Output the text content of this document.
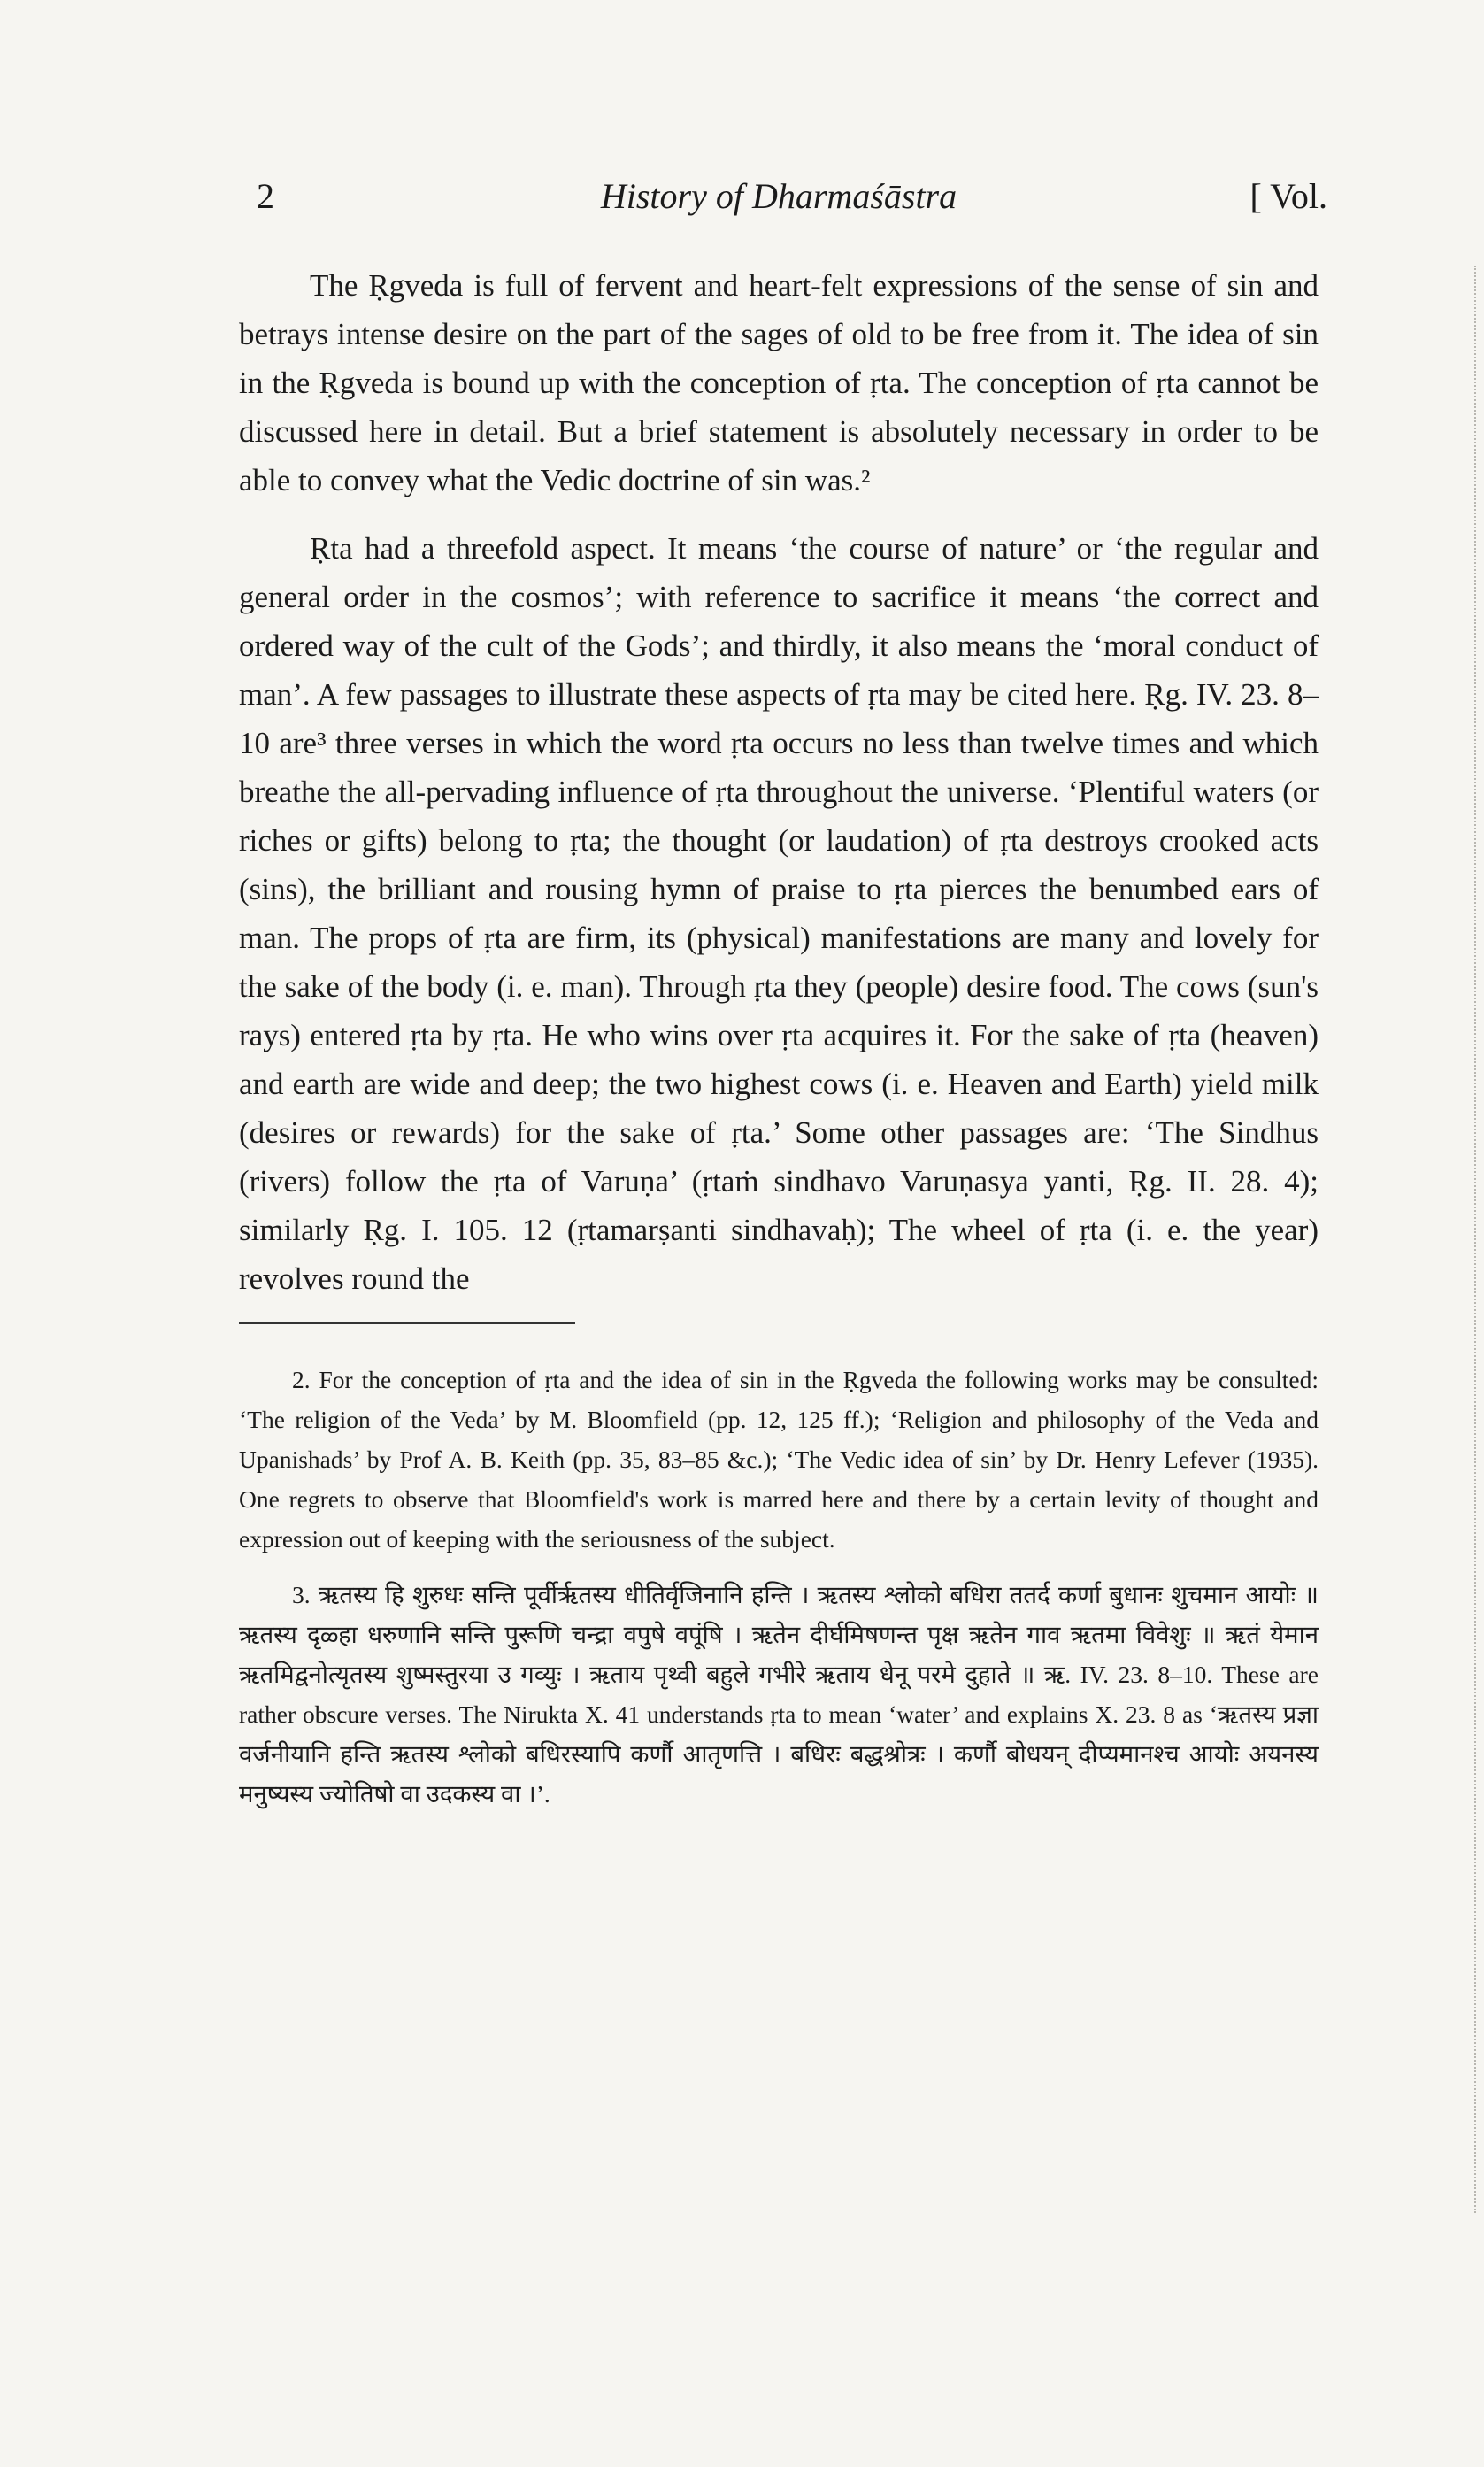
2	History of Dharmaśāstra	[ Vol.

The Ṛgveda is full of fervent and heart-felt expressions of the sense of sin and betrays intense desire on the part of the sages of old to be free from it. The idea of sin in the Ṛgveda is bound up with the conception of ṛta. The conception of ṛta cannot be discussed here in detail. But a brief statement is absolutely necessary in order to be able to convey what the Vedic doctrine of sin was.²

Ṛta had a threefold aspect. It means ‘the course of nature’ or ‘the regular and general order in the cosmos’; with reference to sacrifice it means ‘the correct and ordered way of the cult of the Gods’; and thirdly, it also means the ‘moral conduct of man’. A few passages to illustrate these aspects of ṛta may be cited here. Ṛg. IV. 23. 8–10 are³ three verses in which the word ṛta occurs no less than twelve times and which breathe the all-pervading influence of ṛta throughout the universe. ‘Plentiful waters (or riches or gifts) belong to ṛta; the thought (or laudation) of ṛta destroys crooked acts (sins), the brilliant and rousing hymn of praise to ṛta pierces the benumbed ears of man. The props of ṛta are firm, its (physical) manifestations are many and lovely for the sake of the body (i. e. man). Through ṛta they (people) desire food. The cows (sun's rays) entered ṛta by ṛta. He who wins over ṛta acquires it. For the sake of ṛta (heaven) and earth are wide and deep; the two highest cows (i. e. Heaven and Earth) yield milk (desires or rewards) for the sake of ṛta.’ Some other passages are: ‘The Sindhus (rivers) follow the ṛta of Varuṇa’ (ṛtaṁ sindhavo Varuṇasya yanti, Ṛg. II. 28. 4); similarly Ṛg. I. 105. 12 (ṛtamarṣanti sindhavaḥ); The wheel of ṛta (i. e. the year) revolves round the

2. For the conception of ṛta and the idea of sin in the Ṛgveda the following works may be consulted: ‘The religion of the Veda’ by M. Bloomfield (pp. 12, 125 ff.); ‘Religion and philosophy of the Veda and Upanishads’ by Prof A. B. Keith (pp. 35, 83–85 &c.); ‘The Vedic idea of sin’ by Dr. Henry Lefever (1935). One regrets to observe that Bloomfield's work is marred here and there by a certain levity of thought and expression out of keeping with the seriousness of the subject.

3. ऋतस्य हि शुरुधः सन्ति पूर्वीर्ऋतस्य धीतिर्वृजिनानि हन्ति । ऋतस्य श्लोको बधिरा ततर्द कर्णा बुधानः शुचमान आयोः ॥ ऋतस्य दृळ्हा धरुणानि सन्ति पुरूणि चन्द्रा वपुषे वपूंषि । ऋतेन दीर्घमिषणन्त पृक्ष ऋतेन गाव ऋतमा विवेशुः ॥ ऋतं येमान ऋतमिद्वनोत्यृतस्य शुष्मस्तुरया उ गव्युः । ऋताय पृथ्वी बहुले गभीरे ऋताय धेनू परमे दुहाते ॥ ऋ. IV. 23. 8–10. These are rather obscure verses. The Nirukta X. 41 understands ṛta to mean ‘water’ and explains X. 23. 8 as ‘ऋतस्य प्रज्ञा वर्जनीयानि हन्ति ऋतस्य श्लोको बधिरस्यापि कर्णौ आतृणत्ति । बधिरः बद्धश्रोत्रः । कर्णौ बोधयन् दीप्यमानश्च आयोः अयनस्य मनुष्यस्य ज्योतिषो वा उदकस्य वा ।’.
